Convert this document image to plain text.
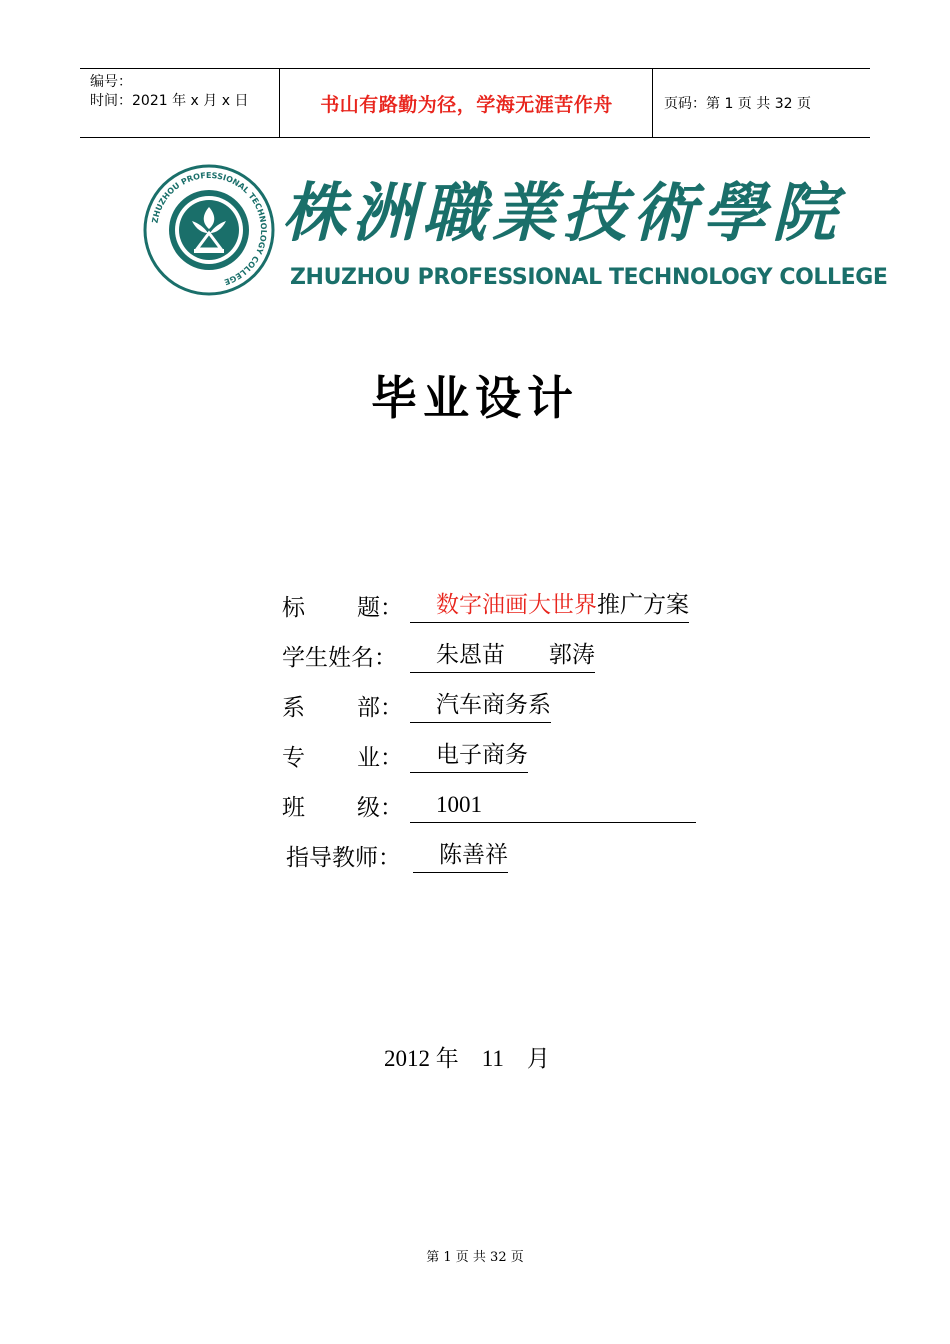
编号：
时间：2021 年 x 月 x 日	书山有路勤为径，学海无涯苦作舟	页码：第 1 页 共 32 页
ZHUZHOU PROFESSIONAL TECHNOLOGY COLLEGE
株洲職業技術學院
ZHUZHOU PROFESSIONAL TECHNOLOGY COLLEGE
毕业设计
标 题：	数字油画大世界推广方案
学生姓名：	朱恩苗      郭涛
系 部：	汽车商务系
专 业：	电子商务
班 级：	1001
指导教师：	陈善祥
2012 年    11    月
第 1 页 共 32 页
